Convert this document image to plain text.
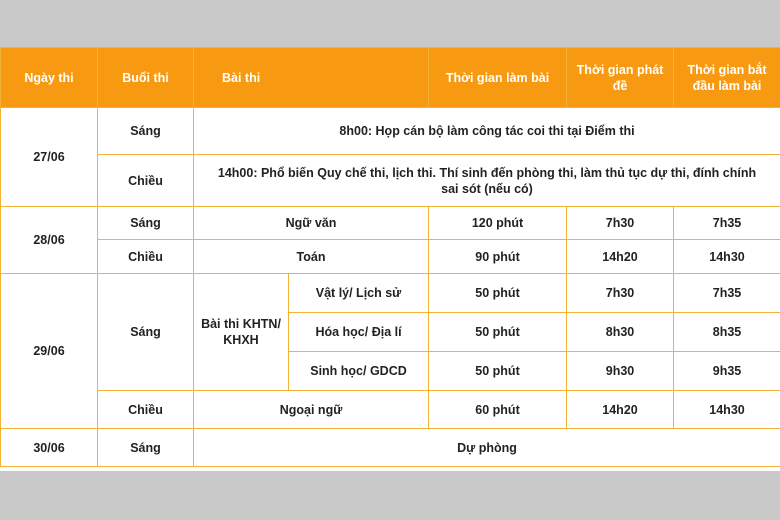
Ngày thi	Buổi thi	Bài thi		Thời gian làm bài	Thời gian phát đề	Thời gian bắt đầu làm bài
27/06	Sáng	8h00: Họp cán bộ làm công tác coi thi tại Điểm thi				
	Chiều	14h00: Phổ biến Quy chế thi, lịch thi. Thí sinh đến phòng thi, làm thủ tục dự thi, đính chính sai sót (nếu có)				
28/06	Sáng	Ngữ văn		120 phút	7h30	7h35
	Chiều	Toán		90 phút	14h20	14h30
29/06	Sáng	Bài thi KHTN/ KHXH	Vật lý/ Lịch sử	50 phút	7h30	7h35
			Hóa học/ Địa lí	50 phút	8h30	8h35
			Sinh học/ GDCD	50 phút	9h30	9h35
	Chiều	Ngoại ngữ		60 phút	14h20	14h30
30/06	Sáng	Dự phòng				
